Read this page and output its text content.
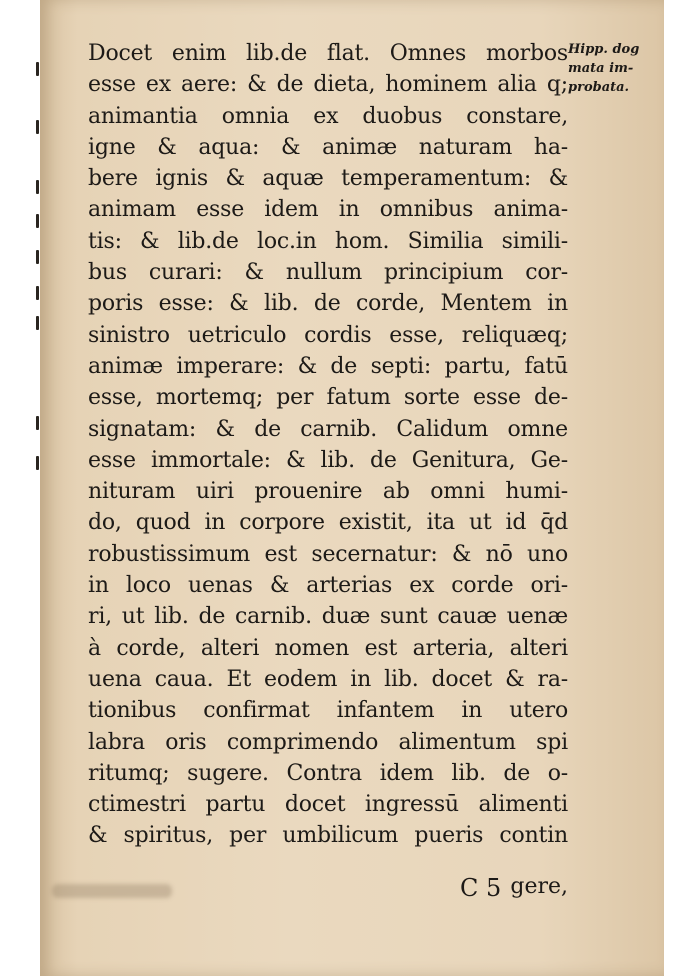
Docet enim lib.de flat. Omnes morbos
esse ex aere: & de dieta, hominem alia q;
animantia omnia ex duobus constare,
igne & aqua: & animæ naturam ha-
bere ignis & aquæ temperamentum: &
animam esse idem in omnibus anima-
tis: & lib.de loc.in hom. Similia simili-
bus curari: & nullum principium cor-
poris esse: & lib. de corde, Mentem in
sinistro uetriculo cordis esse, reliquæq;
animæ imperare: & de septi: partu, fatū
esse, mortemq; per fatum sorte esse de-
signatam: & de carnib. Calidum omne
esse immortale: & lib. de Genitura, Ge-
nituram uiri prouenire ab omni humi-
do, quod in corpore existit, ita ut id q̄d
robustissimum est secernatur: & nō uno
in loco uenas & arterias ex corde ori-
ri, ut lib. de carnib. duæ sunt cauæ uenæ
à corde, alteri nomen est arteria, alteri
uena caua. Et eodem in lib. docet & ra-
tionibus confirmat infantem in utero
labra oris comprimendo alimentum spi
ritumq; sugere. Contra idem lib. de o-
ctimestri partu docet ingressū alimenti
& spiritus, per umbilicum pueris contin
Hipp. dog
mata im-
probata.
C 5 gere,
